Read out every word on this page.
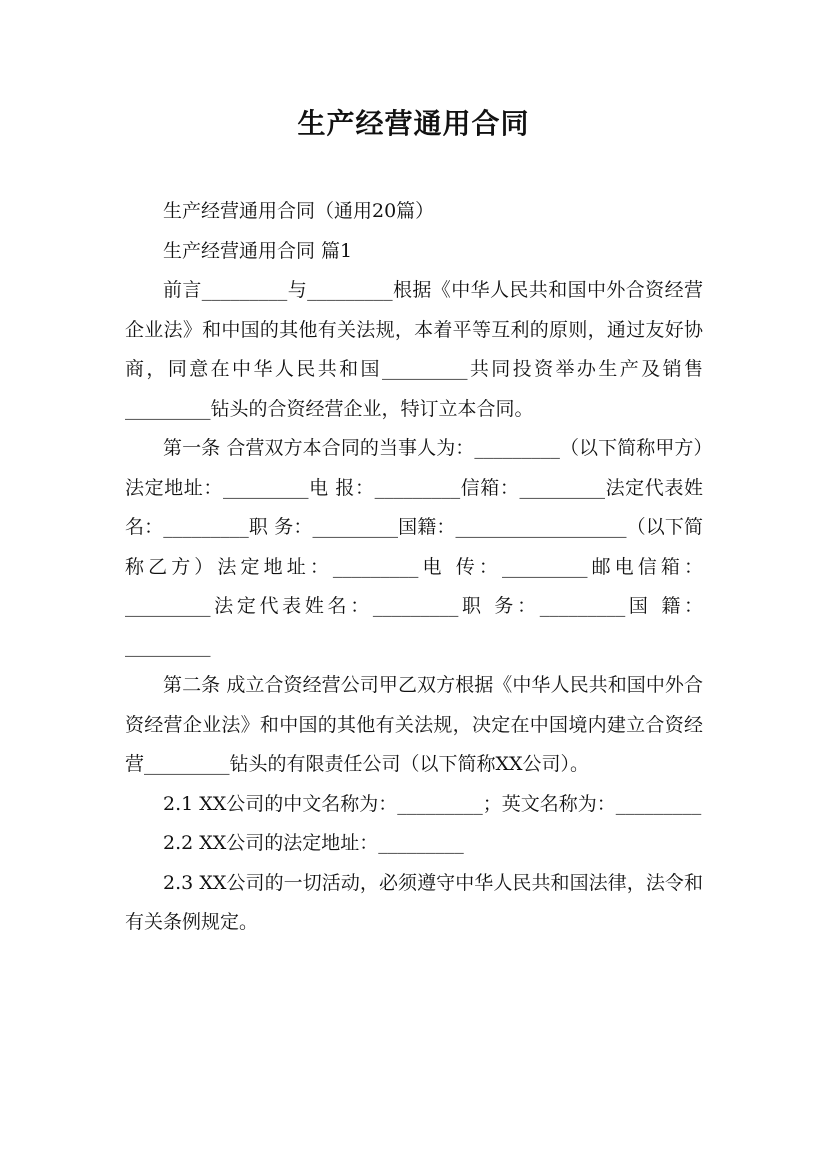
生产经营通用合同

生产经营通用合同（通用20篇）

生产经营通用合同 篇1

前言_________与_________根据《中华人民共和国中外合资经营企业法》和中国的其他有关法规，本着平等互利的原则，通过友好协商，同意在中华人民共和国_________共同投资举办生产及销售_________钻头的合资经营企业，特订立本合同。

第一条 合营双方本合同的当事人为：_________（以下简称甲方）法定地址：_________电 报：_________信箱：_________法定代表姓名：_________职 务：_________国籍：__________________（以下简称乙方）法定地址：_________电 传：_________邮电信箱：_________法定代表姓名：_________职 务：_________国 籍：_________

第二条 成立合资经营公司甲乙双方根据《中华人民共和国中外合资经营企业法》和中国的其他有关法规，决定在中国境内建立合资经营_________钻头的有限责任公司（以下简称XX公司）。

2.1 XX公司的中文名称为：_________；英文名称为：_________

2.2 XX公司的法定地址：_________

2.3 XX公司的一切活动，必须遵守中华人民共和国法律，法令和有关条例规定。
